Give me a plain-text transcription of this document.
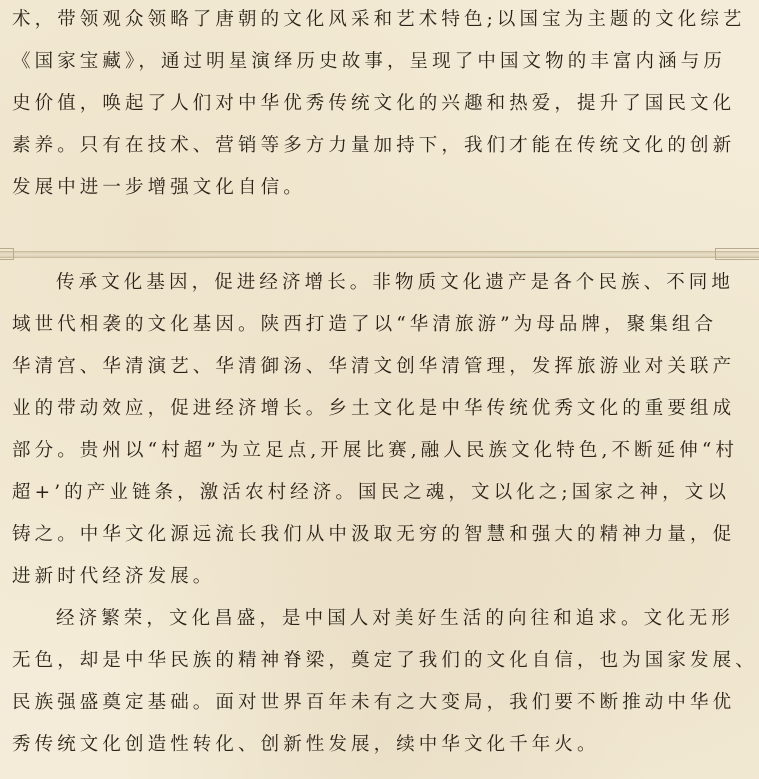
术，带领观众领略了唐朝的文化风采和艺术特色;以国宝为主题的文化综艺
《国家宝藏》，通过明星演绎历史故事，呈现了中国文物的丰富内涵与历
史价值，唤起了人们对中华优秀传统文化的兴趣和热爱，提升了国民文化
素养。只有在技术、营销等多方力量加持下，我们才能在传统文化的创新
发展中进一步增强文化自信。
传承文化基因，促进经济增长。非物质文化遗产是各个民族、不同地
域世代相袭的文化基因。陕西打造了以“华清旅游”为母品牌，聚集组合
华清宫、华清演艺、华清御汤、华清文创华清管理，发挥旅游业对关联产
业的带动效应，促进经济增长。乡土文化是中华传统优秀文化的重要组成
部分。贵州以“村超”为立足点,开展比赛,融人民族文化特色,不断延伸“村
超+’的产业链条，激活农村经济。国民之魂，文以化之;国家之神，文以
铸之。中华文化源远流长我们从中汲取无穷的智慧和强大的精神力量，促
进新时代经济发展。
经济繁荣，文化昌盛，是中国人对美好生活的向往和追求。文化无形
无色，却是中华民族的精神脊梁，奠定了我们的文化自信，也为国家发展、
民族强盛奠定基础。面对世界百年未有之大变局，我们要不断推动中华优
秀传统文化创造性转化、创新性发展，续中华文化千年火。
